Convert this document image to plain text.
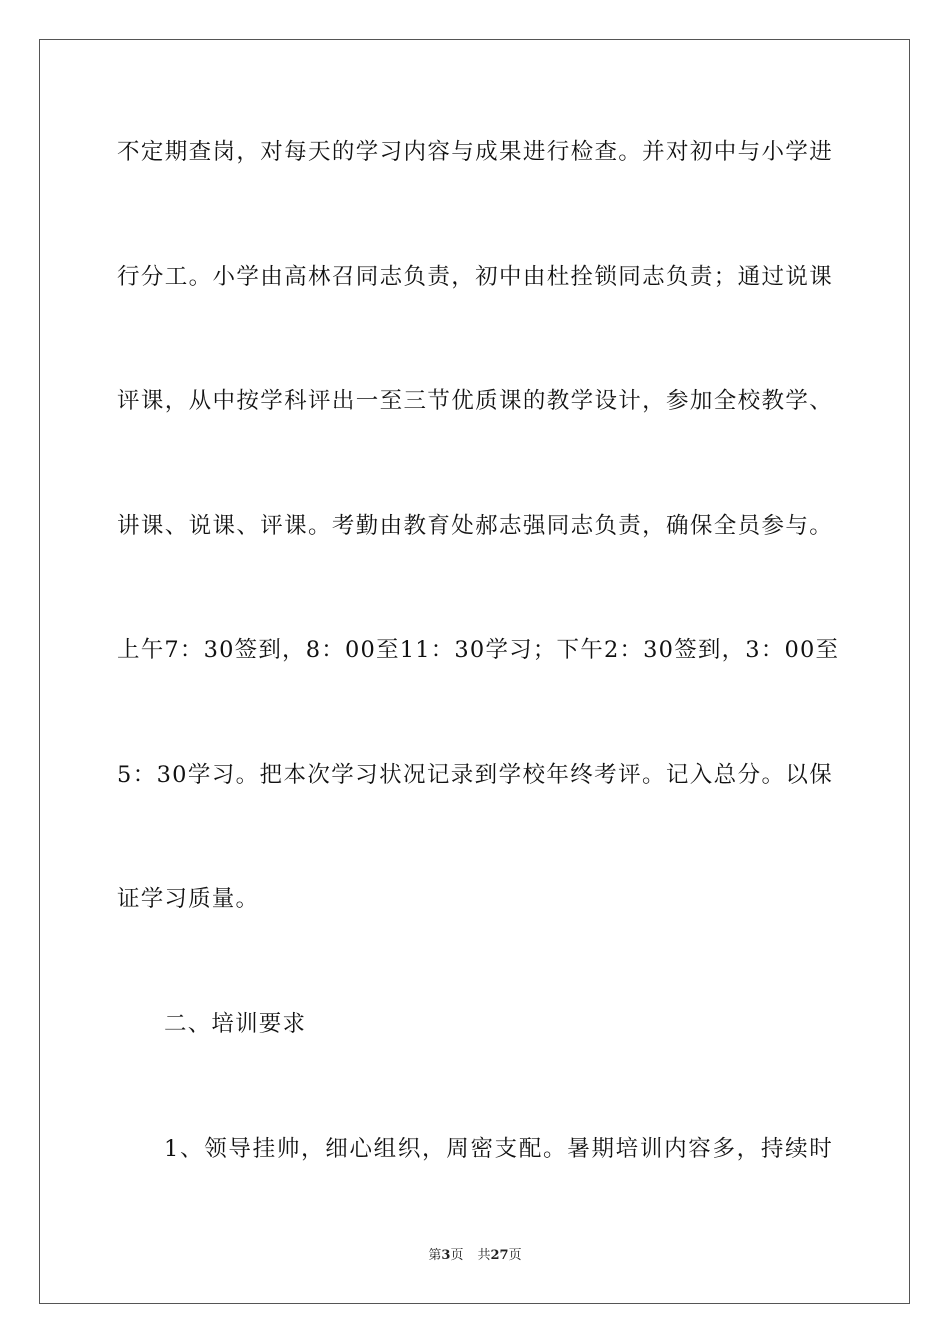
不定期查岗，对每天的学习内容与成果进行检查。并对初中与小学进
行分工。小学由高林召同志负责，初中由杜拴锁同志负责；通过说课
评课，从中按学科评出一至三节优质课的教学设计，参加全校教学、
讲课、说课、评课。考勤由教育处郝志强同志负责，确保全员参与。
上午7：30签到，8：00至11：30学习；下午2：30签到，3：00至
5：30学习。把本次学习状况记录到学校年终考评。记入总分。以保
证学习质量。
二、培训要求
1、领导挂帅，细心组织，周密支配。暑期培训内容多，持续时
第3页 共27页
